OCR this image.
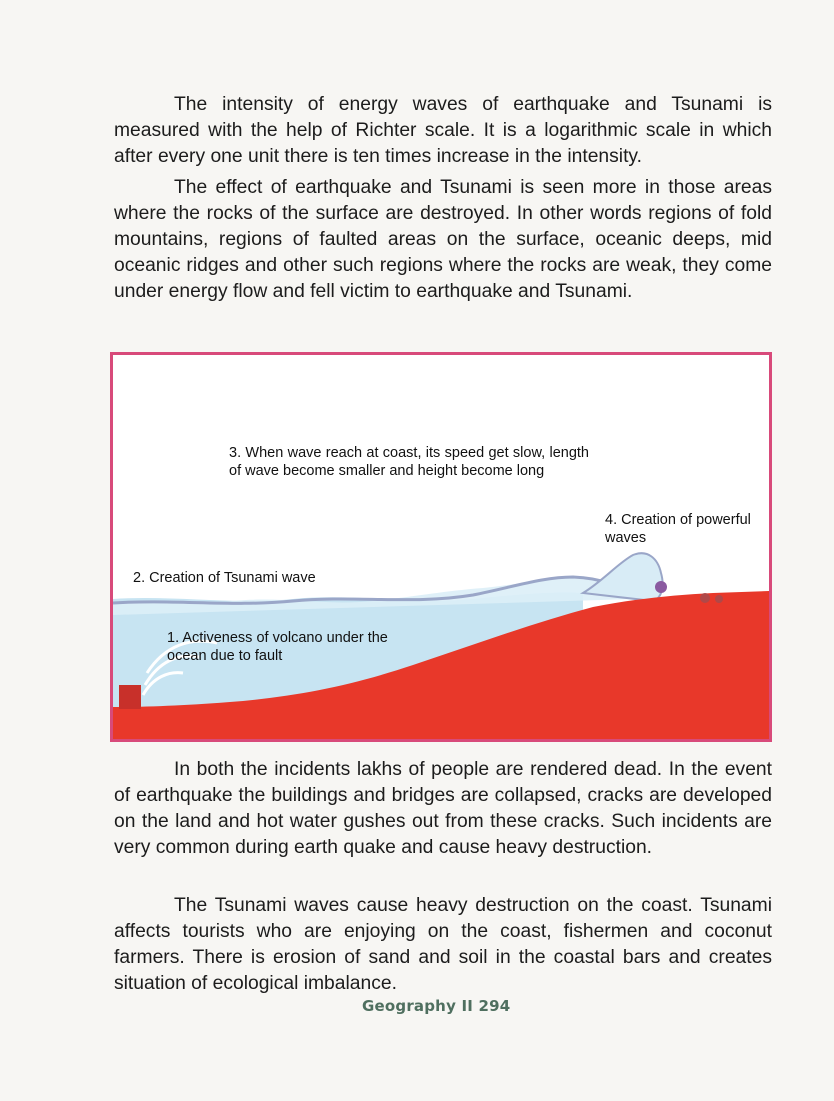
The intensity of energy waves of earthquake and Tsunami is measured with the help of Richter scale. It is a logarithmic scale in which after every one unit there is ten times increase in the intensity.

The effect of earthquake and Tsunami is seen more in those areas where the rocks of the surface are destroyed. In other words regions of fold mountains, regions of faulted areas on the surface, oceanic deeps, mid oceanic ridges and other such regions where the rocks are weak, they come under energy flow and fell victim to earthquake and Tsunami.

3. When wave reach at coast, its speed get slow, length of wave become smaller and height become long

4. Creation of powerful waves

2. Creation of Tsunami wave

1. Activeness of volcano under the ocean due to fault

In both the incidents lakhs of people are rendered dead. In the event of earthquake the buildings and bridges are collapsed, cracks are developed on the land and hot water gushes out from these cracks. Such incidents are very common during earth quake and cause heavy destruction.

The Tsunami waves cause heavy destruction on the coast. Tsunami affects tourists who are enjoying on the coast, fishermen and coconut farmers. There is erosion of sand and soil in the coastal bars and creates situation of ecological imbalance.

Geography II 294
